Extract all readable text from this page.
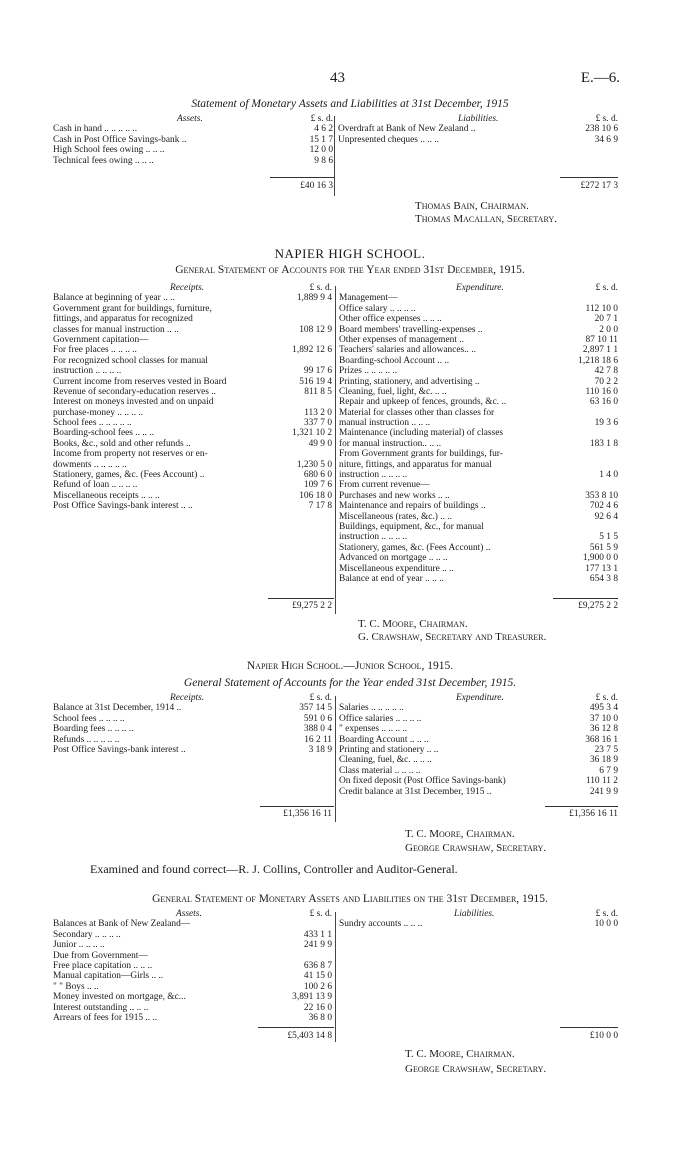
43	E.—6.
Statement of Monetary Assets and Liabilities at 31st December, 1915
Assets.	£ s. d.
Cash in hand .. .. .. .. ..	4 6 2
Cash in Post Office Savings-bank ..	15 1 7
High School fees owing .. .. ..	12 0 0
Technical fees owing .. .. ..	9 8 6
Liabilities.	£ s. d.
Overdraft at Bank of New Zealand ..	238 10 6
Unpresented cheques .. .. ..	34 6 9
£40 16 3	£272 17 3
Thomas Bain, Chairman.
Thomas Macallan, Secretary.
NAPIER HIGH SCHOOL.
General Statement of Accounts for the Year ended 31st December, 1915.
Receipts.	£ s. d.
Balance at beginning of year .. ..	1,889 9 4
Government grant for buildings, furniture,
fittings, and apparatus for recognized
classes for manual instruction .. ..	108 12 9
Government capitation—
For free places .. .. .. ..	1,892 12 6
For recognized school classes for manual
instruction .. .. .. ..	99 17 6
Current income from reserves vested in Board	516 19 4
Revenue of secondary-education reserves ..	811 8 5
Interest on moneys invested and on unpaid
purchase-money .. .. .. ..	113 2 0
School fees .. .. .. .. ..	337 7 0
Boarding-school fees .. .. ..	1,321 10 2
Books, &c., sold and other refunds ..	49 9 0
Income from property not reserves or en-
dowments .. .. .. .. ..	1,230 5 0
Stationery, games, &c. (Fees Account) ..	680 6 0
Refund of loan .. .. .. ..	109 7 6
Miscellaneous receipts .. .. ..	106 18 0
Post Office Savings-bank interest .. ..	7 17 8
Expenditure.	£ s. d.
Management—
Office salary .. .. .. ..	112 10 0
Other office expenses .. .. ..	20 7 1
Board members' travelling-expenses ..	2 0 0
Other expenses of management ..	87 10 11
Teachers' salaries and allowances.. ..	2,897 1 1
Boarding-school Account .. ..	1,218 18 6
Prizes .. .. .. .. ..	42 7 8
Printing, stationery, and advertising ..	70 2 2
Cleaning, fuel, light, &c. .. ..	110 16 0
Repair and upkeep of fences, grounds, &c. ..	63 16 0
Material for classes other than classes for
manual instruction .. .. ..	19 3 6
Maintenance (including material) of classes
for manual instruction.. .. ..	183 1 8
From Government grants for buildings, fur-
niture, fittings, and apparatus for manual
instruction .. .. .. ..	1 4 0
From current revenue—
Purchases and new works .. ..	353 8 10
Maintenance and repairs of buildings ..	702 4 6
Miscellaneous (rates, &c.) .. ..	92 6 4
Buildings, equipment, &c., for manual
instruction .. .. .. ..	5 1 5
Stationery, games, &c. (Fees Account) ..	561 5 9
Advanced on mortgage .. .. ..	1,900 0 0
Miscellaneous expenditure .. ..	177 13 1
Balance at end of year .. .. ..	654 3 8
£9,275 2 2	£9,275 2 2
T. C. Moore, Chairman.
G. Crawshaw, Secretary and Treasurer.
Napier High School.—Junior School, 1915.
General Statement of Accounts for the Year ended 31st December, 1915.
Receipts.	£ s. d.
Balance at 31st December, 1914 ..	357 14 5
School fees .. .. .. ..	591 0 6
Boarding fees .. .. .. ..	388 0 4
Refunds .. .. .. .. ..	16 2 11
Post Office Savings-bank interest ..	3 18 9
Expenditure.	£ s. d.
Salaries .. .. .. .. ..	495 3 4
Office salaries .. .. .. ..	37 10 0
" expenses .. .. .. ..	36 12 8
Boarding Account .. .. ..	368 16 1
Printing and stationery .. ..	23 7 5
Cleaning, fuel, &c. .. .. ..	36 18 9
Class material .. .. .. ..	6 7 9
On fixed deposit (Post Office Savings-bank)	110 11 2
Credit balance at 31st December, 1915 ..	241 9 9
£1,356 16 11	£1,356 16 11
T. C. Moore, Chairman.
George Crawshaw, Secretary.
Examined and found correct—R. J. Collins, Controller and Auditor-General.
General Statement of Monetary Assets and Liabilities on the 31st December, 1915.
Assets.	£ s. d.
Balances at Bank of New Zealand—
Secondary .. .. .. ..	433 1 1
Junior .. .. .. ..	241 9 9
Due from Government—
Free place capitation .. .. ..	636 8 7
Manual capitation—Girls .. ..	41 15 0
" " Boys .. ..	100 2 6
Money invested on mortgage, &c...	3,891 13 9
Interest outstanding .. .. ..	22 16 0
Arrears of fees for 1915 .. ..	36 8 0
Liabilities.	£ s. d.
Sundry accounts .. .. ..	10 0 0
£5,403 14 8	£10 0 0
T. C. Moore, Chairman.
George Crawshaw, Secretary.
